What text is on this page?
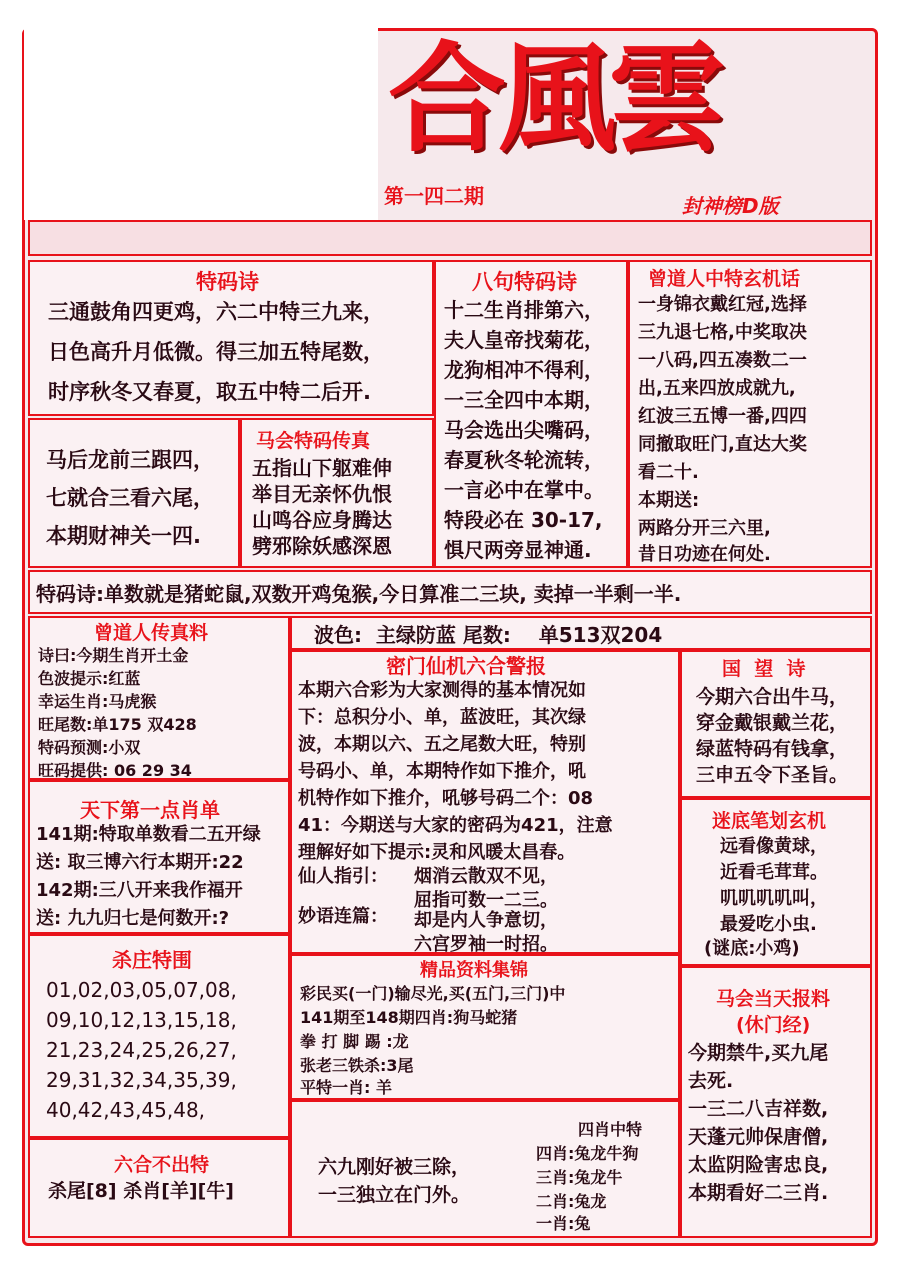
合風雲
第一四二期	封神榜D版
特码诗
三通鼓角四更鸡，六二中特三九来，
日色高升月低微。得三加五特尾数，
时序秋冬又春夏，取五中特二后开.
马后龙前三跟四，
七就合三看六尾，
本期财神关一四.
马会特码传真
五指山下躯难伸
举目无亲怀仇恨
山鸣谷应身腾达
劈邪除妖感深恩
八句特码诗
十二生肖排第六，
夫人皇帝找菊花，
龙狗相冲不得利，
一三全四中本期，
马会选出尖嘴码，
春夏秋冬轮流转，
一言必中在掌中。
特段必在 30-17,
惧尺两旁显神通.
曾道人中特玄机话
一身锦衣戴红冠,选择
三九退七格,中奖取决
一八码,四五凑数二一
出,五来四放成就九,
红波三五博一番,四四
同撤取旺门,直达大奖
看二十.
本期送:
两路分开三六里,
昔日功迹在何处.
特码诗:单数就是猪蛇鼠,双数开鸡兔猴,今日算准二三块, 卖掉一半剩一半.
曾道人传真料
诗曰:今期生肖开土金
色波提示:红蓝
幸运生肖:马虎猴
旺尾数:单175 双428
特码预测:小双
旺码提供: 06 29 34
波色:  主绿防蓝 尾数:    单513双204
密门仙机六合警报
本期六合彩为大家测得的基本情况如
下：总积分小、单，蓝波旺，其次绿
波，本期以六、五之尾数大旺，特别
号码小、单，本期特作如下推介，吼
机特作如下推介，吼够号码二个：08
41：今期送与大家的密码为421，注意
理解好如下提示:灵和风暖太昌春。
仙人指引： 烟消云散双不见，
屈指可数一二三。
妙语连篇： 却是内人争意切，
六宫罗袖一时招。
国  望  诗
今期六合出牛马，
穿金戴银戴兰花，
绿蓝特码有钱拿，
三申五令下圣旨。
天下第一点肖单
141期:特取单数看二五开绿
送: 取三博六行本期开:22
142期:三八开来我作福开
送: 九九归七是何数开:?
迷底笔划玄机
远看像黄球，
近看毛茸茸。
叽叽叽叽叫，
最爱吃小虫.
(谜底:小鸡)
杀庄特围
01,02,03,05,07,08,
09,10,12,13,15,18,
21,23,24,25,26,27,
29,31,32,34,35,39,
40,42,43,45,48,
精品资料集锦
彩民买(一门)输尽光,买(五门,三门)中
141期至148期四肖:狗马蛇猪
拳 打 脚 踢 :龙
张老三铁杀:3尾
平特一肖: 羊
马会当天报料
(休门经)
今期禁牛,买九尾
去死.
一三二八吉祥数,
天蓬元帅保唐僧,
太监阴险害忠良,
本期看好二三肖.
六合不出特
杀尾[8] 杀肖[羊][牛]
六九刚好被三除，
一三独立在门外。
四肖中特
四肖:兔龙牛狗
三肖:兔龙牛
二肖:兔龙
一肖:兔
